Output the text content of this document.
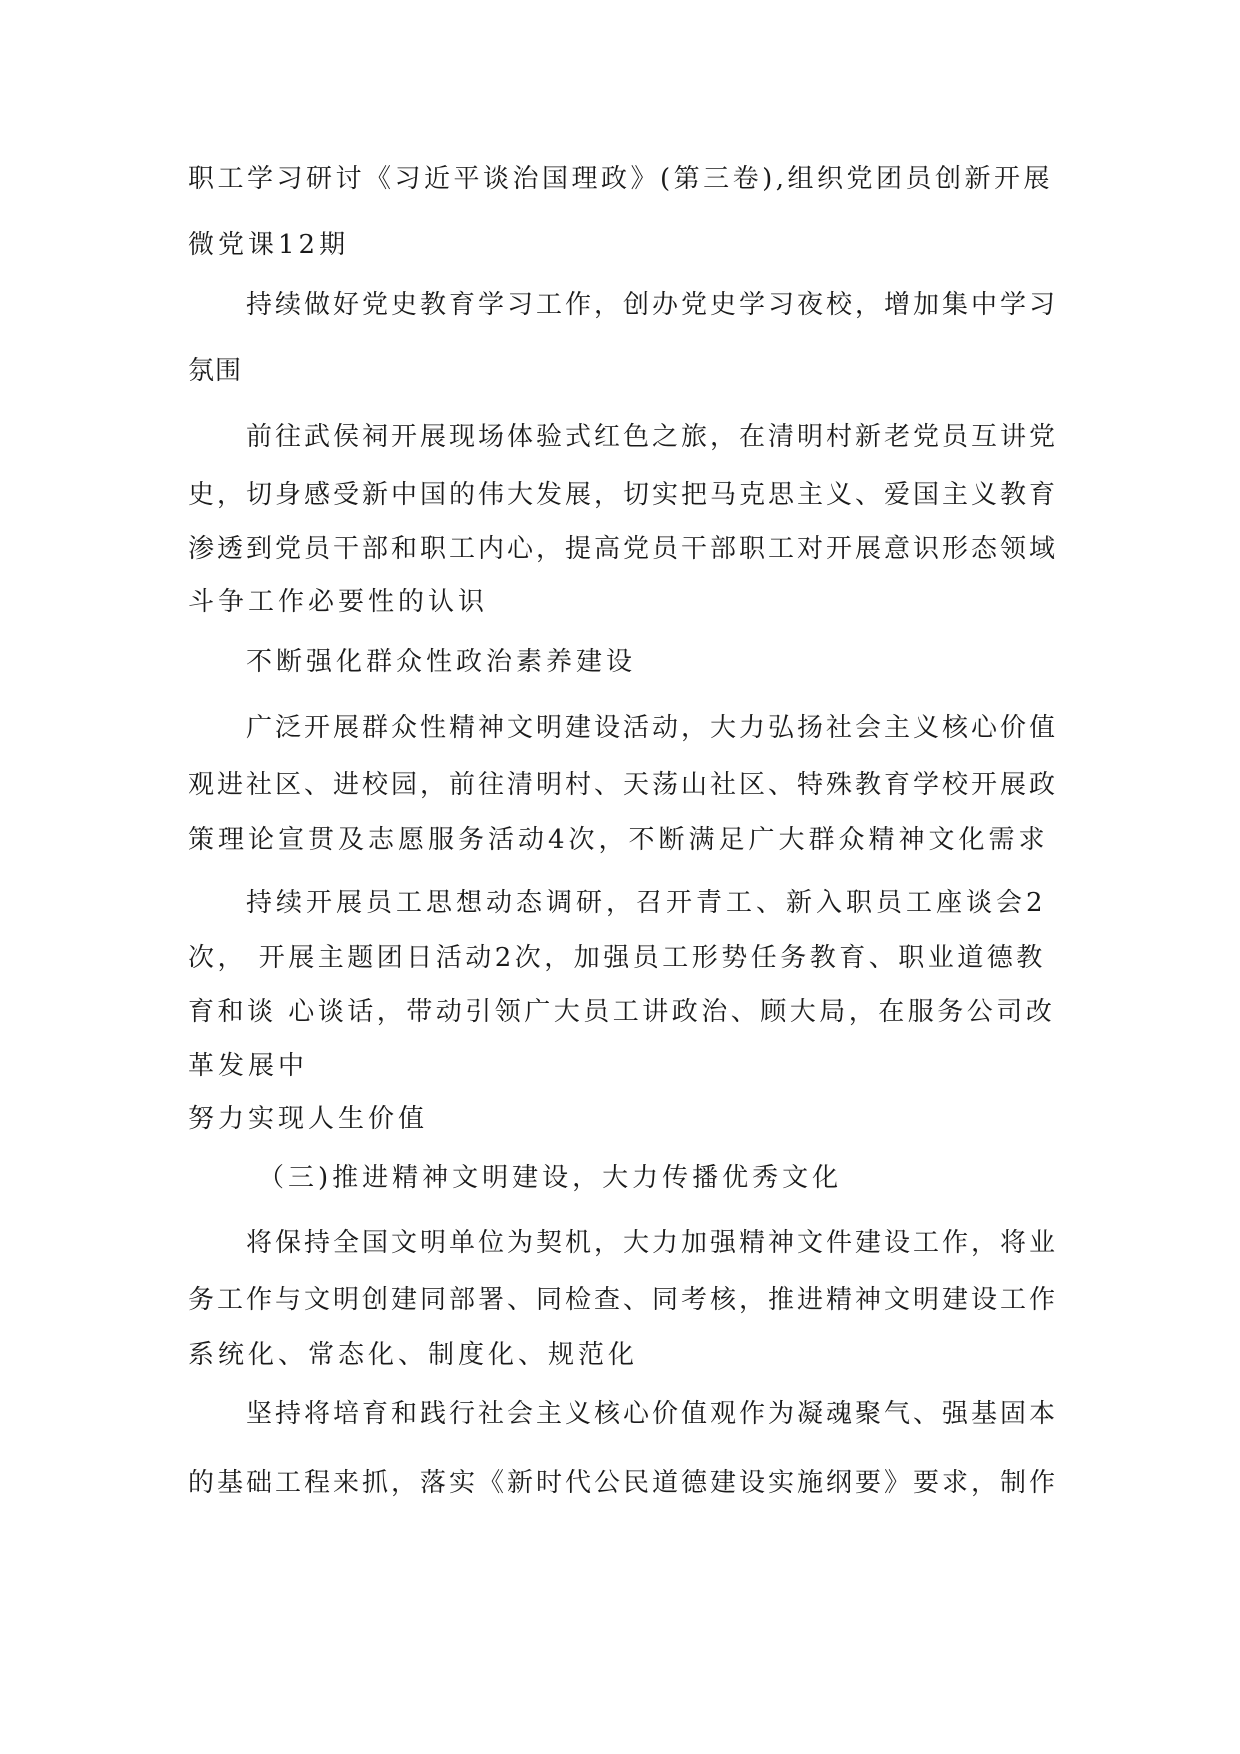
职工学习研讨《习近平谈治国理政》(第三卷),组织党团员创新开展
微党课12期
持续做好党史教育学习工作，创办党史学习夜校，增加集中学习
氛围
前往武侯祠开展现场体验式红色之旅，在清明村新老党员互讲党
史，切身感受新中国的伟大发展，切实把马克思主义、爱国主义教育
渗透到党员干部和职工内心，提高党员干部职工对开展意识形态领域
斗争工作必要性的认识
不断强化群众性政治素养建设
广泛开展群众性精神文明建设活动，大力弘扬社会主义核心价值
观进社区、进校园，前往清明村、天荡山社区、特殊教育学校开展政
策理论宣贯及志愿服务活动4次，不断满足广大群众精神文化需求
持续开展员工思想动态调研，召开青工、新入职员工座谈会2
次， 开展主题团日活动2次，加强员工形势任务教育、职业道德教
育和谈 心谈话，带动引领广大员工讲政治、顾大局，在服务公司改
革发展中
努力实现人生价值
（三)推进精神文明建设，大力传播优秀文化
将保持全国文明单位为契机，大力加强精神文件建设工作，将业
务工作与文明创建同部署、同检查、同考核，推进精神文明建设工作
系统化、常态化、制度化、规范化
坚持将培育和践行社会主义核心价值观作为凝魂聚气、强基固本
的基础工程来抓，落实《新时代公民道德建设实施纲要》要求，制作
